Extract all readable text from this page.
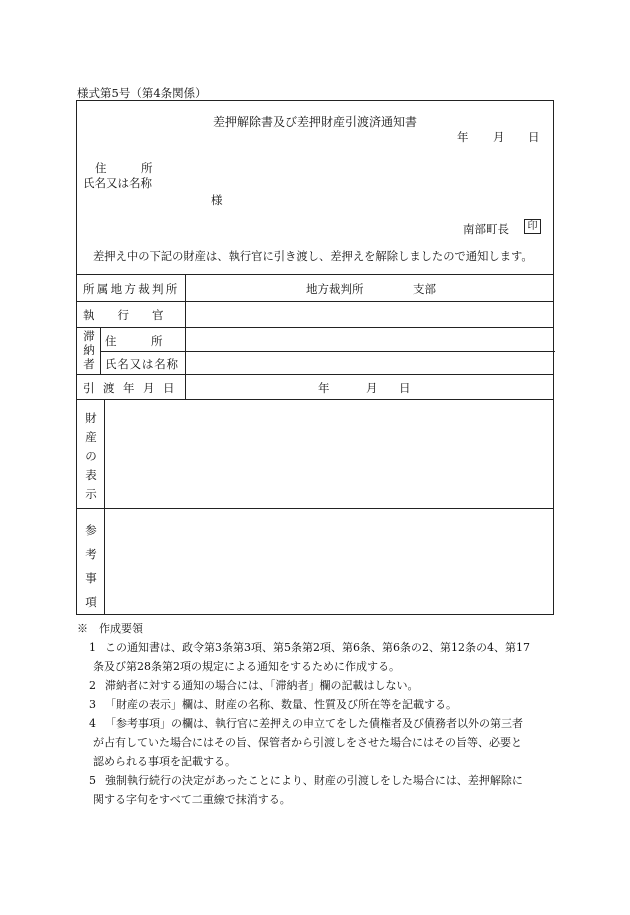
様式第5号（第4条関係）
差押解除書及び差押財産引渡済通知書
年 月 日
住　　　所
氏名又は名称
様
南部町長	印
差押え中の下記の財産は、執行官に引き渡し、差押えを解除しましたので通知します。
所属地方裁判所	地方裁判所	支部
執　　行　　官
滞
納
者
住　　　所
氏名又は名称
引渡年月日	年	月 日
財
産
の
表
示
参
考
事
項
※　作成要領
1 この通知書は、政令第3条第3項、第5条第2項、第6条、第6条の2、第12条の4、第17
条及び第28条第2項の規定による通知をするために作成する。
2 滞納者に対する通知の場合には、「滞納者」欄の記載はしない。
3 「財産の表示」欄は、財産の名称、数量、性質及び所在等を記載する。
4 「参考事項」の欄は、執行官に差押えの申立てをした債権者及び債務者以外の第三者
が占有していた場合にはその旨、保管者から引渡しをさせた場合にはその旨等、必要と
認められる事項を記載する。
5 強制執行続行の決定があったことにより、財産の引渡しをした場合には、差押解除に
関する字句をすべて二重線で抹消する。
